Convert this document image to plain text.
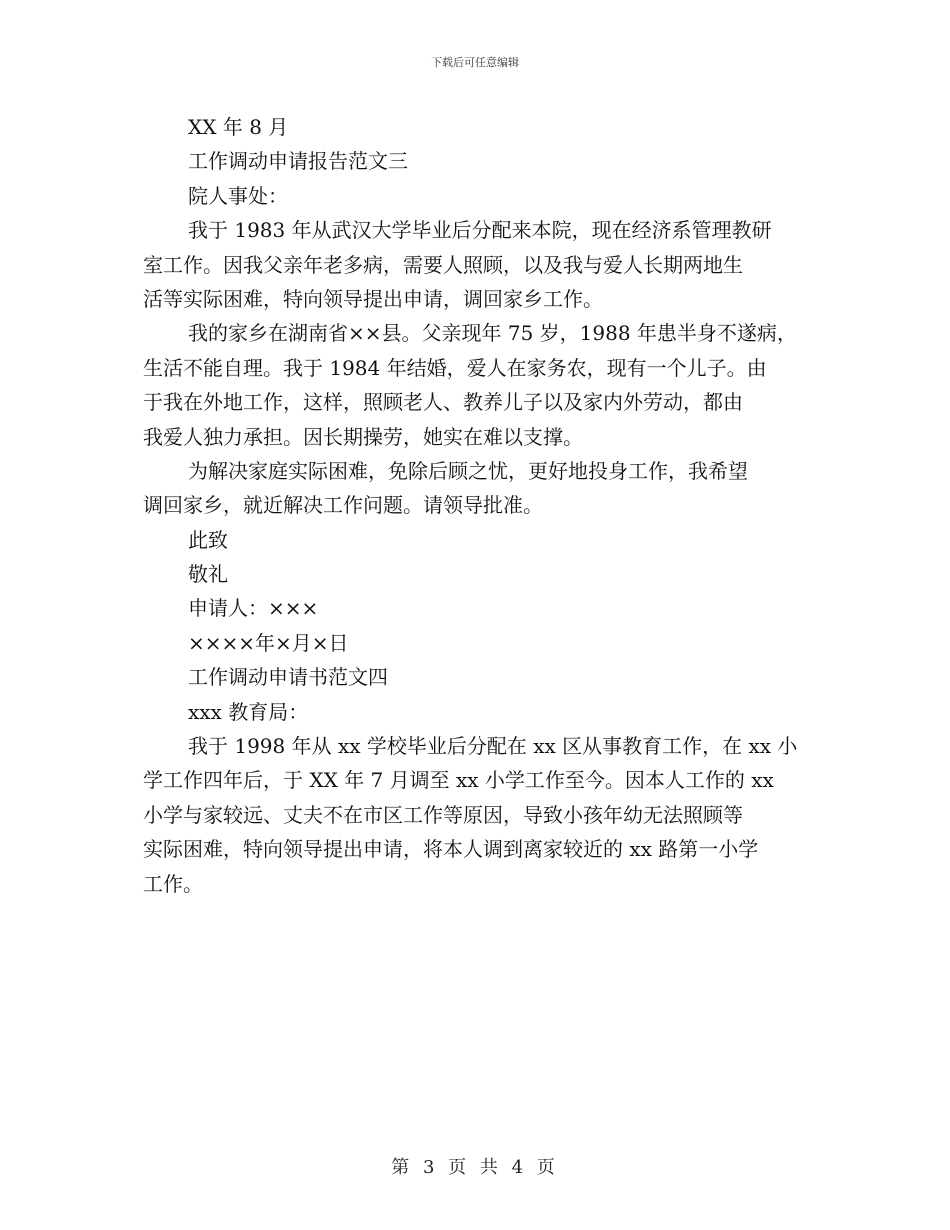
下载后可任意编辑
XX 年 8 月
工作调动申请报告范文三
院人事处：
我于 1983 年从武汉大学毕业后分配来本院，现在经济系管理教研
室工作。因我父亲年老多病，需要人照顾，以及我与爱人长期两地生
活等实际困难，特向领导提出申请，调回家乡工作。
我的家乡在湖南省××县。父亲现年 75 岁，1988 年患半身不遂病，
生活不能自理。我于 1984 年结婚，爱人在家务农，现有一个儿子。由
于我在外地工作，这样，照顾老人、教养儿子以及家内外劳动，都由
我爱人独力承担。因长期操劳，她实在难以支撑。
为解决家庭实际困难，免除后顾之忧，更好地投身工作，我希望
调回家乡，就近解决工作问题。请领导批准。
此致
敬礼
申请人：×××
××××年×月×日
工作调动申请书范文四
xxx 教育局：
我于 1998 年从 xx 学校毕业后分配在 xx 区从事教育工作，在 xx 小
学工作四年后，于 XX 年 7 月调至 xx 小学工作至今。因本人工作的 xx
小学与家较远、丈夫不在市区工作等原因，导致小孩年幼无法照顾等
实际困难，特向领导提出申请，将本人调到离家较近的 xx 路第一小学
工作。
第 3 页 共 4 页
